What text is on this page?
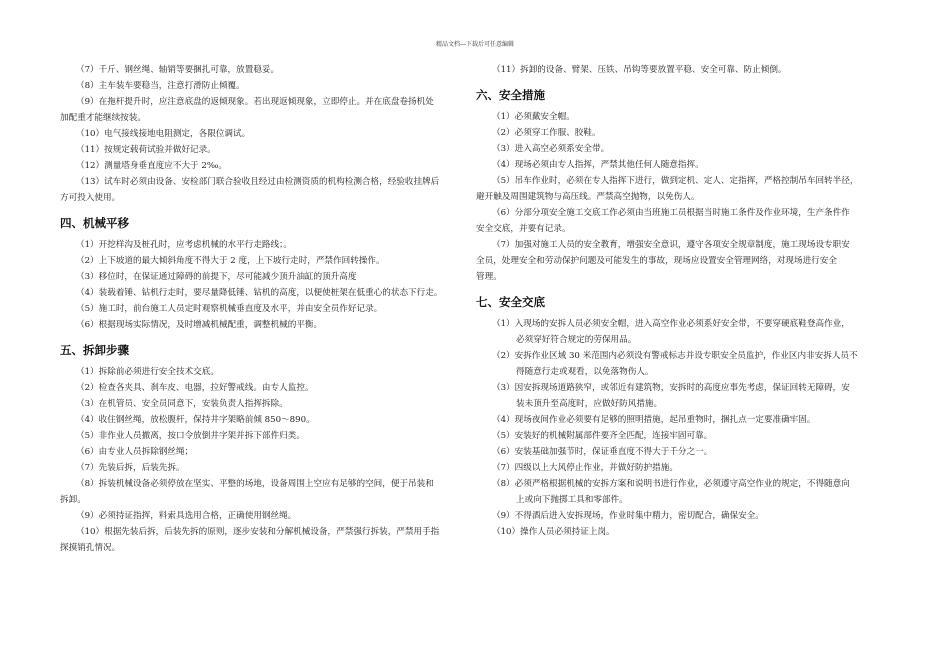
精品文档---下载后可任意编辑

（7）千斤、钢丝绳、轴销等要捆扎可靠，放置稳妥。

（8）主车装车要稳当，注意打滑防止倾覆。

（9）在拖杆提升时，应注意底盘的返倾现象。若出现返倾现象，立即停止。并在底盘卷扬机处

加配重才能继续按装。

（10）电气接线接地电阻测定，各限位调试。

（11）按规定载荷试验并做好记录。

（12）测量塔身垂直度应不大于 2‰。

（13）试车时必须由设备、安检部门联合验收且经过由检测资质的机构检测合格，经验收挂牌后

方可投入使用。

四、机械平移

（1）开挖样沟及桩孔时，应考虑机械的水平行走路线；。

（2）上下坡道的最大倾斜角度不得大于 2 度，上下坡行走时，严禁作回转操作。

（3）移位时，在保证通过障碍的前提下，尽可能减少顶升油缸的顶升高度

（4）装载着锤、钻机行走时，要尽量降低锤、钻机的高度，以便使桩架在低重心的状态下行走。

（5）施工时，前台施工人员定时观察机械垂直度及水平，并由安全员作好记录。

（6）根据现场实际情况，及时增减机械配重，调整机械的平衡。

五、拆卸步骤

（1）拆除前必须进行安全技术交底。

（2）检查各夹具、刹车皮、电器，拉好警戒线。由专人监控。

（3）在机管员、安全员同意下，安装负责人指挥拆除。

（4）收住钢丝绳，放松腹杆，保持井字架略前倾 850～890。

（5）非作业人员撤离，按口令放倒井字架并拆下部件归类。

（6）由专业人员拆除钢丝绳；

（7）先装后拆，后装先拆。

（8）拆装机械设备必须停放在坚实、平整的场地，设备周围上空应有足够的空间，便于吊装和

拆卸。

（9）必须持证指挥，料索具选用合格，正确使用钢丝绳。

（10）根据先装后拆，后装先拆的原则，逐步安装和分解机械设备，严禁强行拆装，严禁用手指

探摸销孔情况。

（11）拆卸的设备、臂架、压铁、吊钩等要放置平稳、安全可靠、防止倾倒。

六、安全措施

（1）必须戴安全帽。

（2）必须穿工作服、胶鞋。

（3）进入高空必须系安全带。

（4）现场必须由专人指挥，严禁其他任何人随意指挥。

（5）吊车作业时，必须在专人指挥下进行，做到定机、定人、定指挥，严格控制吊车回转半径，

避开触及周围建筑物与高压线。严禁高空抛物，以免伤人。

（6）分部分项安全施工交底工作必须由当班施工员根据当时施工条件及作业环境，生产条件作

安全交底，并要有记录。

（7）加强对施工人员的安全教育，增强安全意识，遵守各项安全规章制度，施工现场设专职安

全员，处理安全和劳动保护问题及可能发生的事故，现场应设置安全管理网络，对现场进行安全

管理。

七、安全交底

（1）入现场的安拆人员必须安全帽，进入高空作业必须系好安全带，不要穿硬底鞋登高作业，

必须穿好符合规定的劳保用品。

（2）安拆作业区域 30 米范围内必须设有警戒标志并设专职安全员监护，作业区内非安拆人员不

得随意行走或观看，以免落物伤人。

（3）因安拆现场道路狭窄，或邻近有建筑物，安拆时的高度应事先考虑，保证回转无障碍，安

装未顶升至高度时，应做好防风措施。

（4）现场夜间作业必须要有足够的照明措施，起吊重物时，捆扎点一定要准确牢固。

（5）安装好的机械附属部件要齐全匹配，连接牢固可靠。

（6）安装基础加强节时，保证垂直度不得大于千分之一。

（7）四级以上大风停止作业，并做好防护措施。

（8）必须严格根据机械的安拆方案和说明书进行作业，必须遵守高空作业的规定，不得随意向

上或向下抛掷工具和零部件。

（9）不得酒后进入安拆现场，作业时集中精力，密切配合，确保安全。

（10）操作人员必须持证上岗。
